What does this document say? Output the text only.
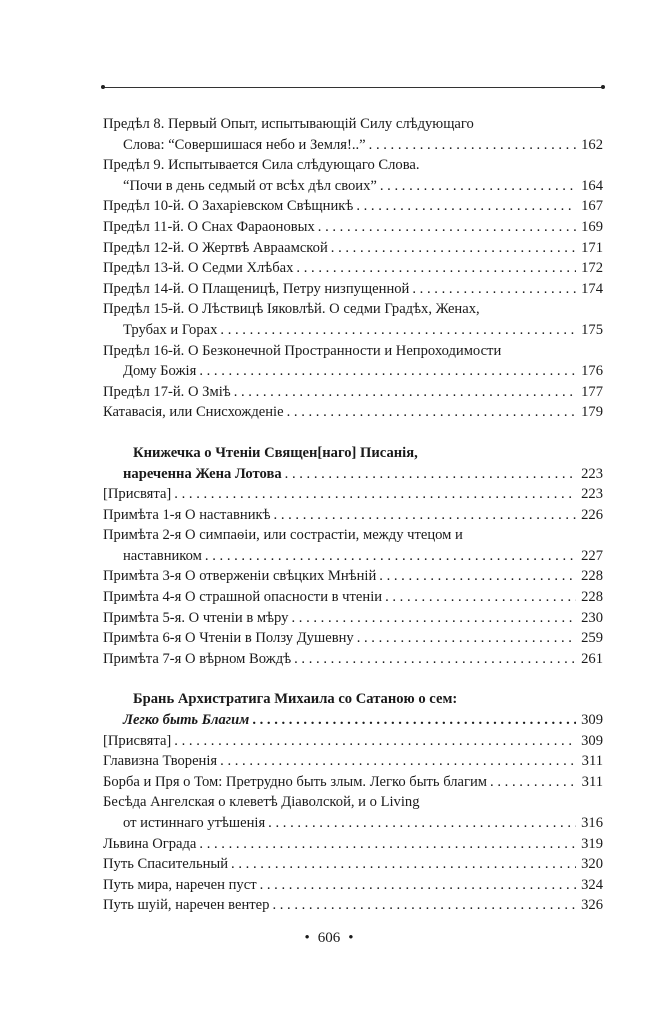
Предѣл 8. Первый Опыт, испытывающій Силу слѣдующаго
Слова: “Совершишася небо и Земля!..” . . .	162
Предѣл 9. Испытывается Сила слѣдующаго Слова.
“Почи в день седмый от всѣх дѣл своих” . . .	164
Предѣл 10-й. О Захаріевском Свѣщникѣ . . .	167
Предѣл 11-й. О Снах Фараоновых . . .	169
Предѣл 12-й. О Жертвѣ Авраамской . . .	171
Предѣл 13-й. О Седми Хлѣбах . . .	172
Предѣл 14-й. О Плащеницѣ, Петру низпущенной . . .	174
Предѣл 15-й. О Лѣствицѣ Іяковлѣй. О седми Градѣх, Женах,
Трубах и Горах . . .	175
Предѣл 16-й. О Безконечной Пространности и Непроходимости
Дому Божія . . .	176
Предѣл 17-й. О Змiѣ . . .	177
Катавасія, или Снисхожденіе . . .	179
Книжечка о Чтеніи Священ[наго] Писанія,
нареченна Жена Лотова . . .	223
[Присвята] . . .	223
Примѣта 1-я О наставникѣ . . .	226
Примѣта 2-я О симпаѳіи, или сострастіи, между чтецом и
наставником . . .	227
Примѣта 3-я О отверженіи свѣцких Мнѣній . . .	228
Примѣта 4-я О страшной опасности в чтеніи . . .	228
Примѣта 5-я. О чтеніи в мѣру . . .	230
Примѣта 6-я О Чтеніи в Ползу Душевну . . .	259
Примѣта 7-я О вѣрном Вождѣ . . .	261
Брань Архистратига Михаила со Сатаною о сем:
Легко быть Благим . . .	309
[Присвята] . . .	309
Главизна Творенія . . .	311
Борба и Пря о Том: Претрудно быть злым. Легко быть благим . . .	311
Бесѣда Ангелская о клеветѣ Діаволской, и о Living
от истиннаго утѣшенія . . .	316
Львина Ограда . . .	319
Путь Спасительный . . .	320
Путь мира, наречен пуст . . .	324
Путь шуій, наречен вентер . . .	326
• 606 •
